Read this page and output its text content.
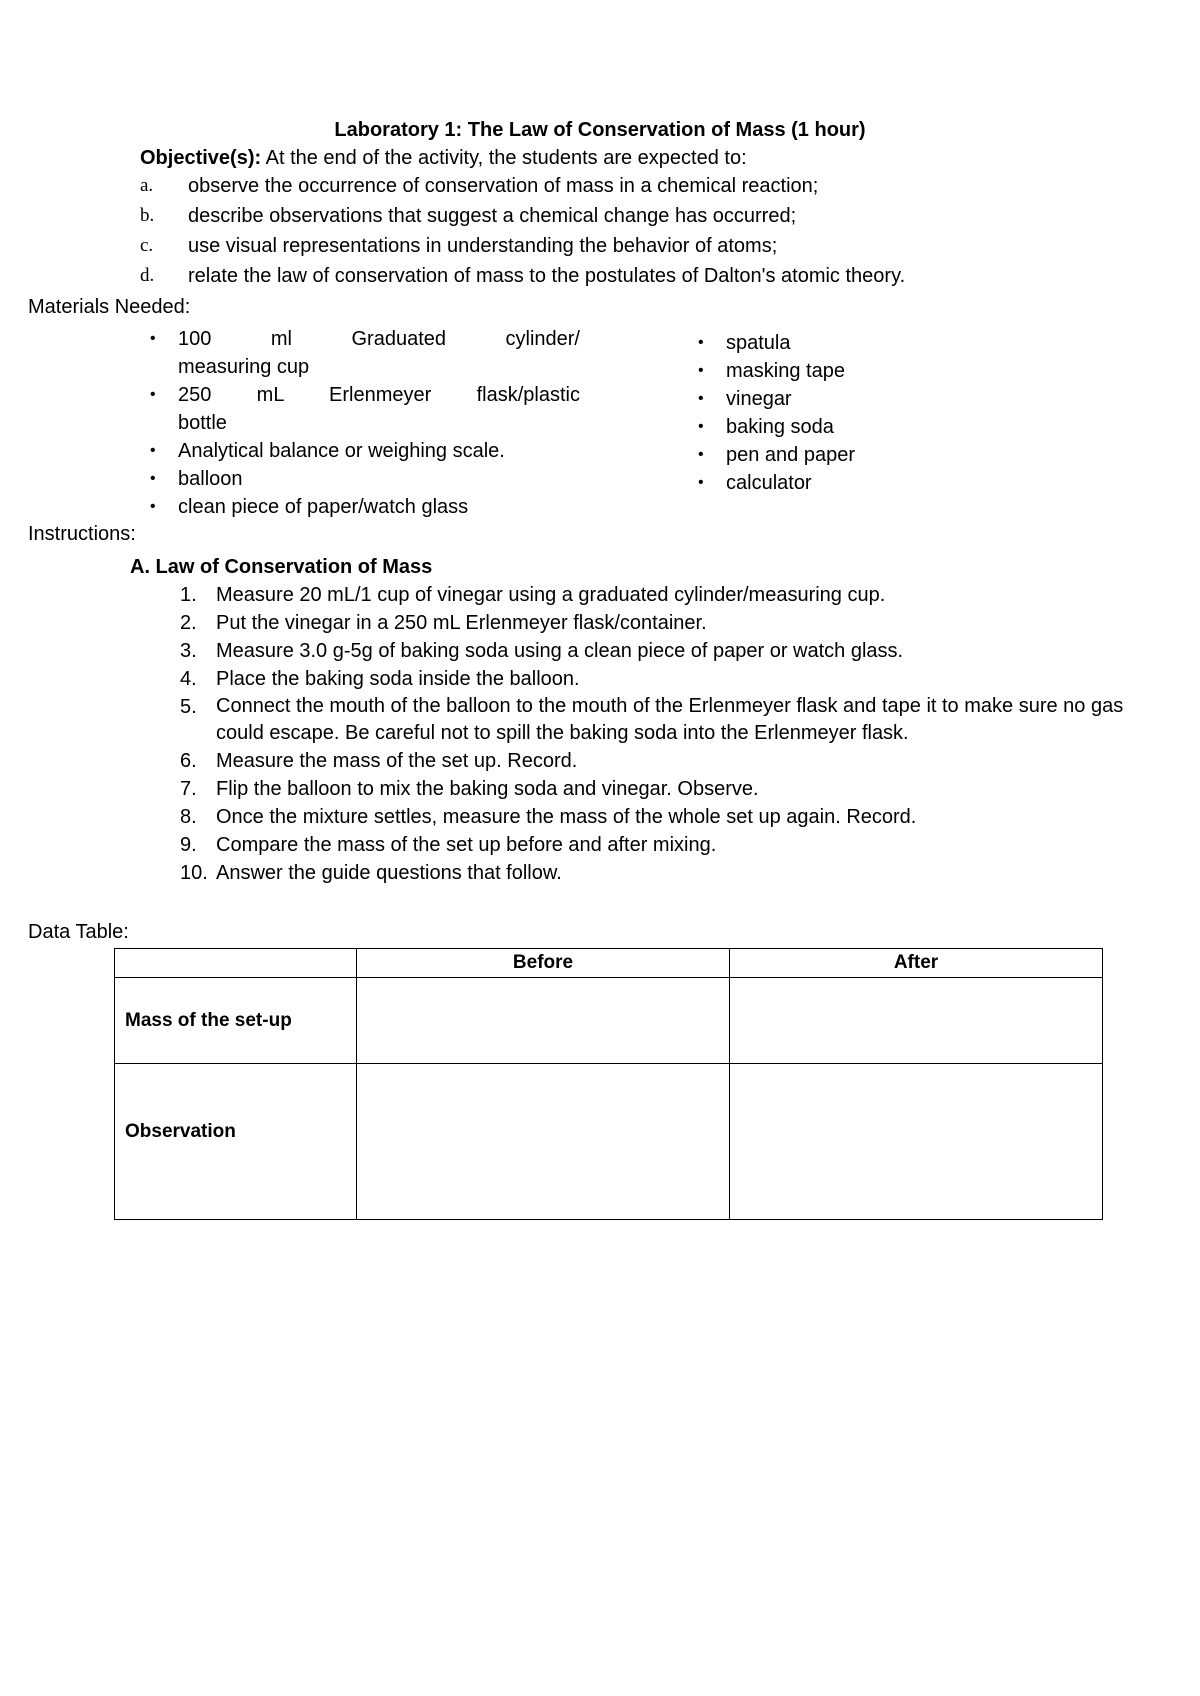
Laboratory 1: The Law of Conservation of Mass (1 hour)
Objective(s): At the end of the activity, the students are expected to:
a.	observe the occurrence of conservation of mass in a chemical reaction;
b.	describe observations that suggest a chemical change has occurred;
c.	use visual representations in understanding the behavior of atoms;
d.	relate the law of conservation of mass to the postulates of Dalton's atomic theory.
Materials Needed:
•	100 ml Graduated cylinder/
measuring cup
•	250 mL Erlenmeyer flask/plastic
bottle
•	Analytical balance or weighing scale.
•	balloon
•	clean piece of paper/watch glass
•	spatula
•	masking tape
•	vinegar
•	baking soda
•	pen and paper
•	calculator
Instructions:
A. Law of Conservation of Mass
1. Measure 20 mL/1 cup of vinegar using a graduated cylinder/measuring cup.
2. Put the vinegar in a 250 mL Erlenmeyer flask/container.
3. Measure 3.0 g-5g of baking soda using a clean piece of paper or watch glass.
4. Place the baking soda inside the balloon.
5. Connect the mouth of the balloon to the mouth of the Erlenmeyer flask and tape it to make sure no gas could escape. Be careful not to spill the baking soda into the Erlenmeyer flask.
6. Measure the mass of the set up. Record.
7. Flip the balloon to mix the baking soda and vinegar. Observe.
8. Once the mixture settles, measure the mass of the whole set up again. Record.
9. Compare the mass of the set up before and after mixing.
10. Answer the guide questions that follow.
Data Table:
	Before	After
Mass of the set-up		
Observation		
